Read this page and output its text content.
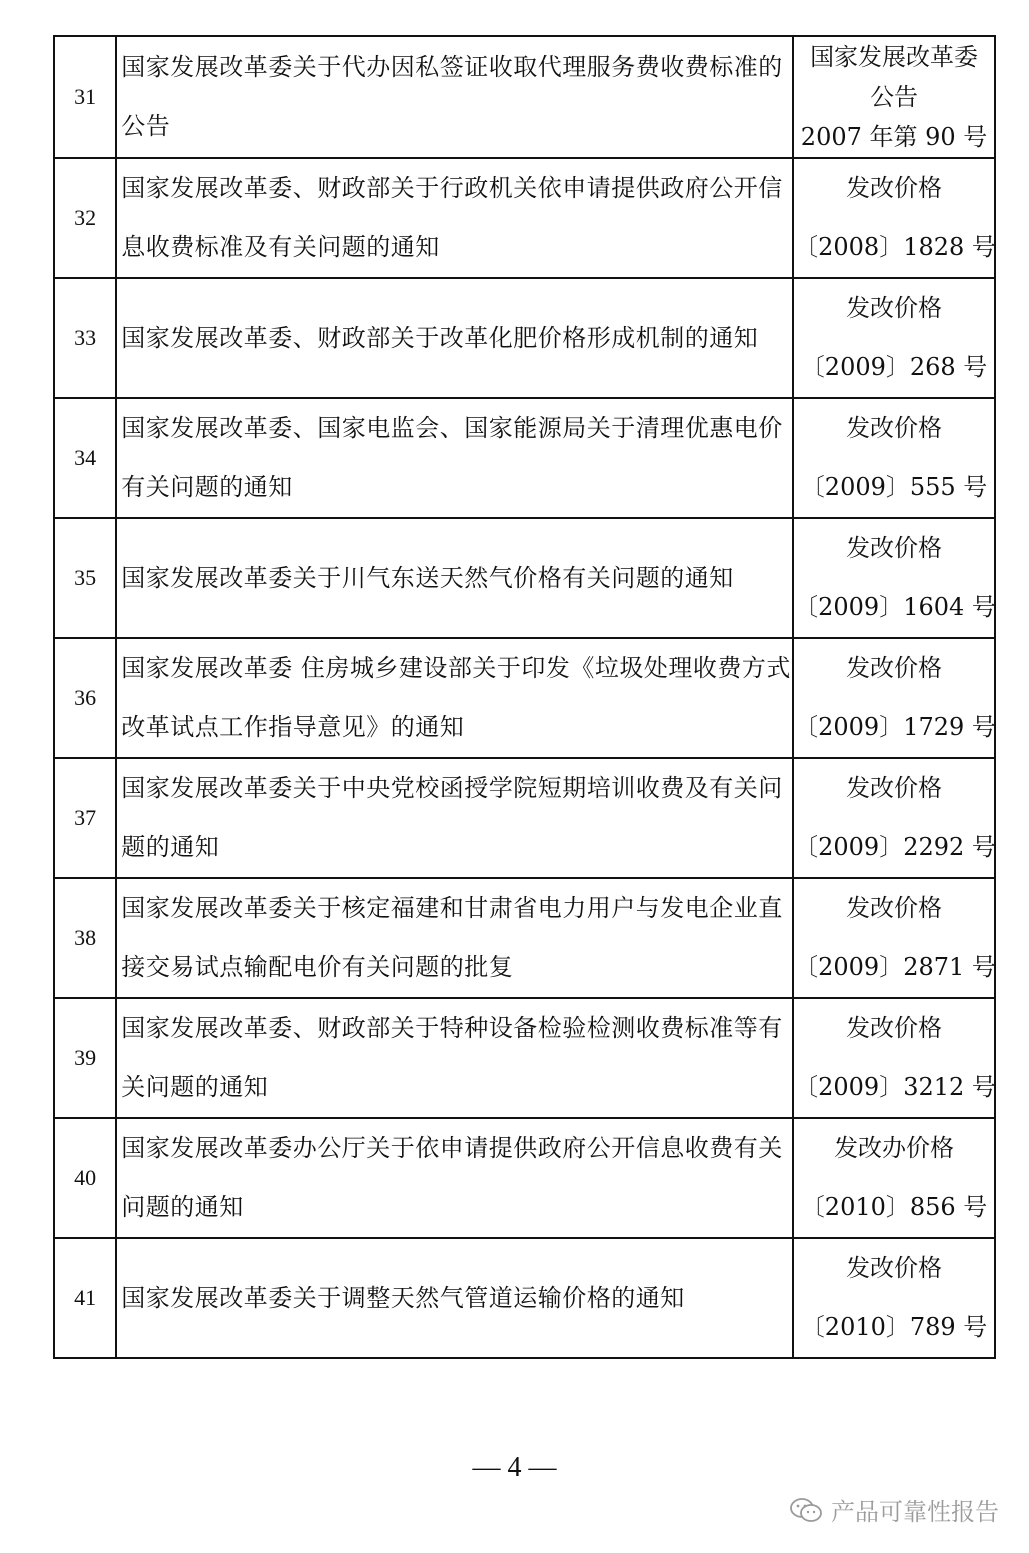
31	国家发展改革委关于代办因私签证收取代理服务费收费标准的公告	国家发展改革委
公告
2007 年第 90 号

32	国家发展改革委、财政部关于行政机关依申请提供政府公开信息收费标准及有关问题的通知	发改价格
〔2008〕1828 号

33	国家发展改革委、财政部关于改革化肥价格形成机制的通知	发改价格
〔2009〕268 号

34	国家发展改革委、国家电监会、国家能源局关于清理优惠电价有关问题的通知	发改价格
〔2009〕555 号

35	国家发展改革委关于川气东送天然气价格有关问题的通知	发改价格
〔2009〕1604 号

36	国家发展改革委 住房城乡建设部关于印发《垃圾处理收费方式改革试点工作指导意见》的通知	发改价格
〔2009〕1729 号

37	国家发展改革委关于中央党校函授学院短期培训收费及有关问题的通知	发改价格
〔2009〕2292 号

38	国家发展改革委关于核定福建和甘肃省电力用户与发电企业直接交易试点输配电价有关问题的批复	发改价格
〔2009〕2871 号

39	国家发展改革委、财政部关于特种设备检验检测收费标准等有关问题的通知	发改价格
〔2009〕3212 号

40	国家发展改革委办公厅关于依申请提供政府公开信息收费有关问题的通知	发改办价格
〔2010〕856 号

41	国家发展改革委关于调整天然气管道运输价格的通知	发改价格
〔2010〕789 号
— 4 —
产品可靠性报告
